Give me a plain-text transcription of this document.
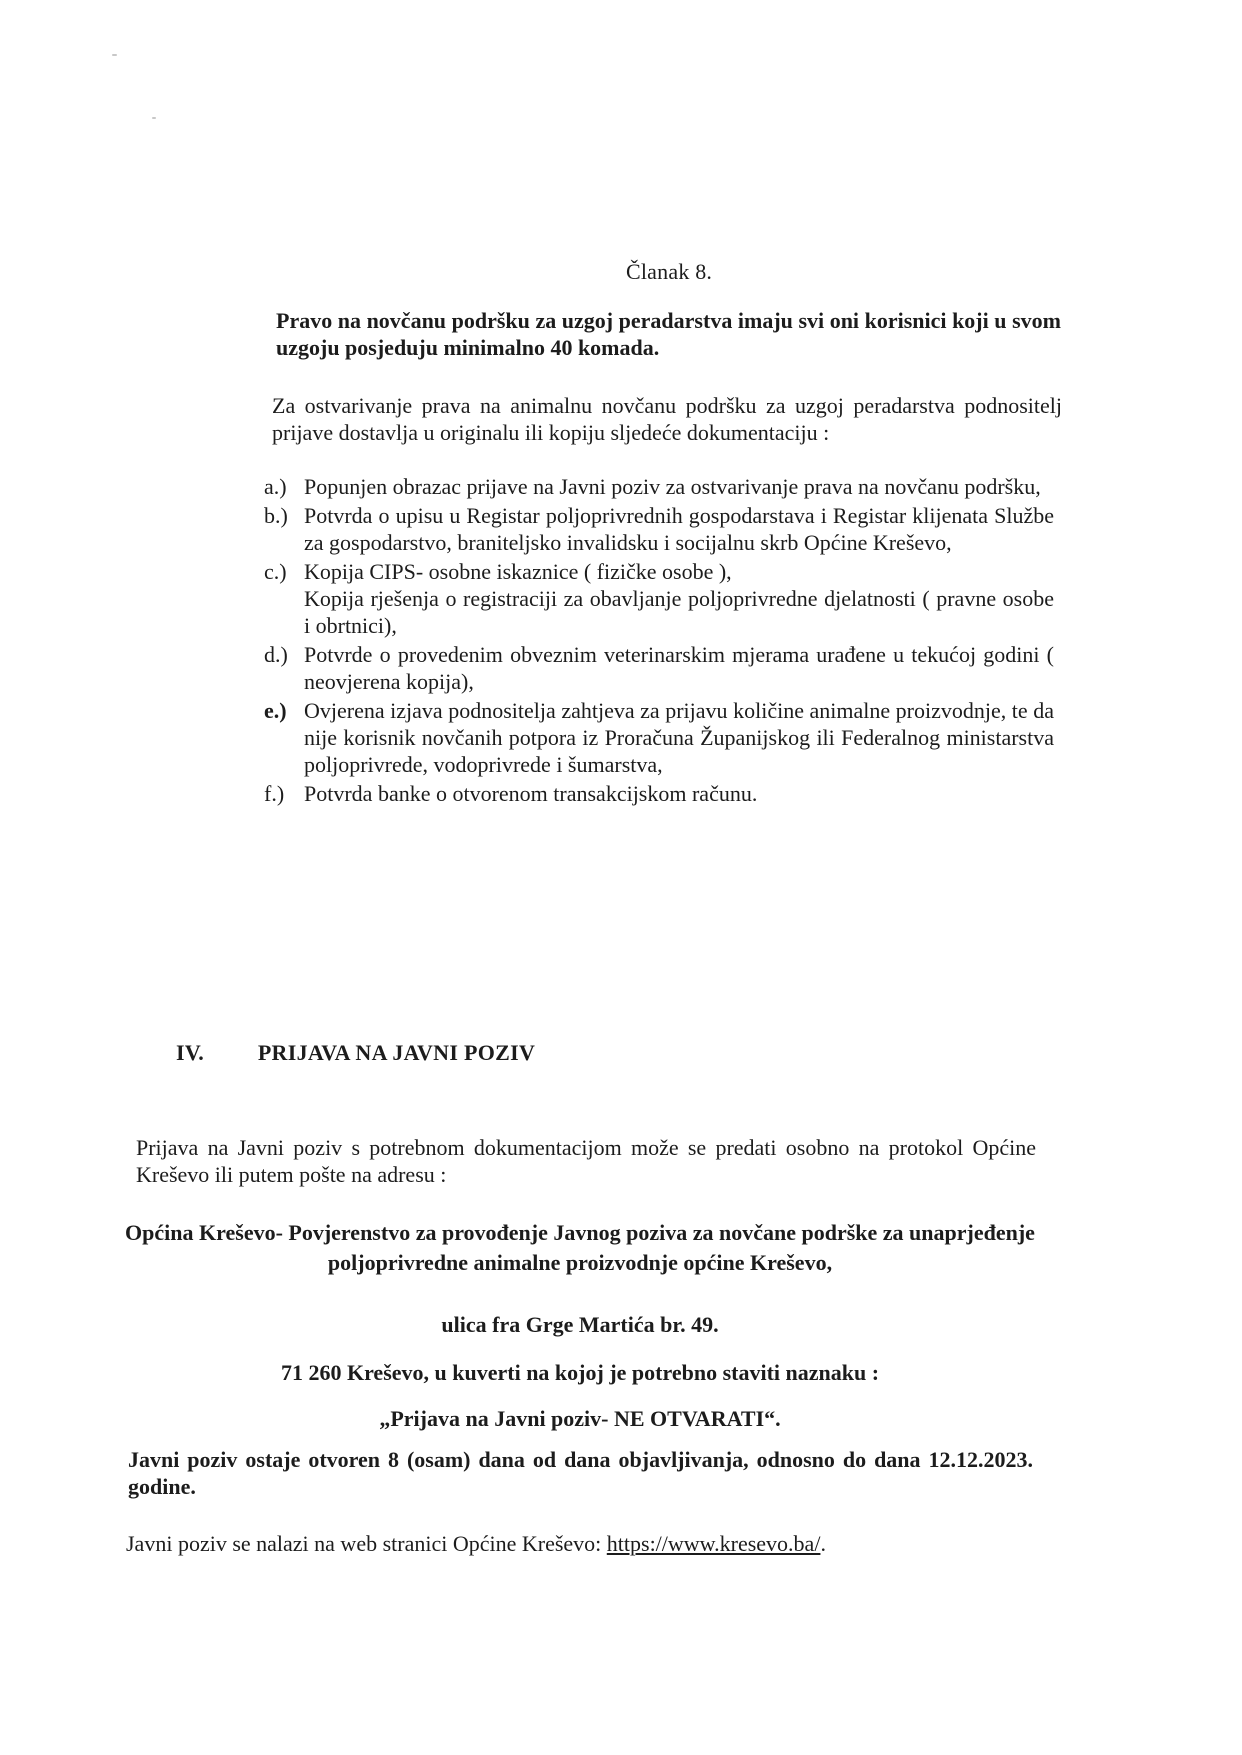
Članak 8.
Pravo na novčanu podršku za uzgoj peradarstva imaju svi oni korisnici koji u svom uzgoju posjeduju minimalno 40 komada.
Za ostvarivanje prava na animalnu novčanu podršku za uzgoj peradarstva podnositelj prijave dostavlja u originalu ili kopiju sljedeće dokumentaciju :
a.) Popunjen obrazac prijave na Javni poziv za ostvarivanje prava na novčanu podršku,
b.) Potvrda o upisu u Registar poljoprivrednih gospodarstava i Registar klijenata Službe za gospodarstvo, braniteljsko invalidsku i socijalnu skrb Općine Kreševo,
c.) Kopija CIPS- osobne iskaznice ( fizičke osobe ),
Kopija rješenja o registraciji za obavljanje poljoprivredne djelatnosti ( pravne osobe i obrtnici),
d.) Potvrde o provedenim obveznim veterinarskim mjerama urađene u tekućoj godini ( neovjerena kopija),
e.) Ovjerena izjava podnositelja zahtjeva za prijavu količine animalne proizvodnje, te da nije korisnik novčanih potpora iz Proračuna Županijskog ili Federalnog ministarstva poljoprivrede, vodoprivrede i šumarstva,
f.) Potvrda banke o otvorenom transakcijskom računu.
IV. PRIJAVA NA JAVNI POZIV
Prijava na Javni poziv s potrebnom dokumentacijom može se predati osobno na protokol Općine Kreševo ili putem pošte na adresu :
Općina Kreševo- Povjerenstvo za provođenje Javnog poziva za novčane podrške za unaprjeđenje poljoprivredne animalne proizvodnje općine Kreševo,
ulica fra Grge Martića br. 49.
71 260 Kreševo, u kuverti na kojoj je potrebno staviti naznaku :
„Prijava na Javni poziv- NE OTVARATI“.
Javni poziv ostaje otvoren 8 (osam) dana od dana objavljivanja, odnosno do dana 12.12.2023. godine.
Javni poziv se nalazi na web stranici Općine Kreševo: https://www.kresevo.ba/.
